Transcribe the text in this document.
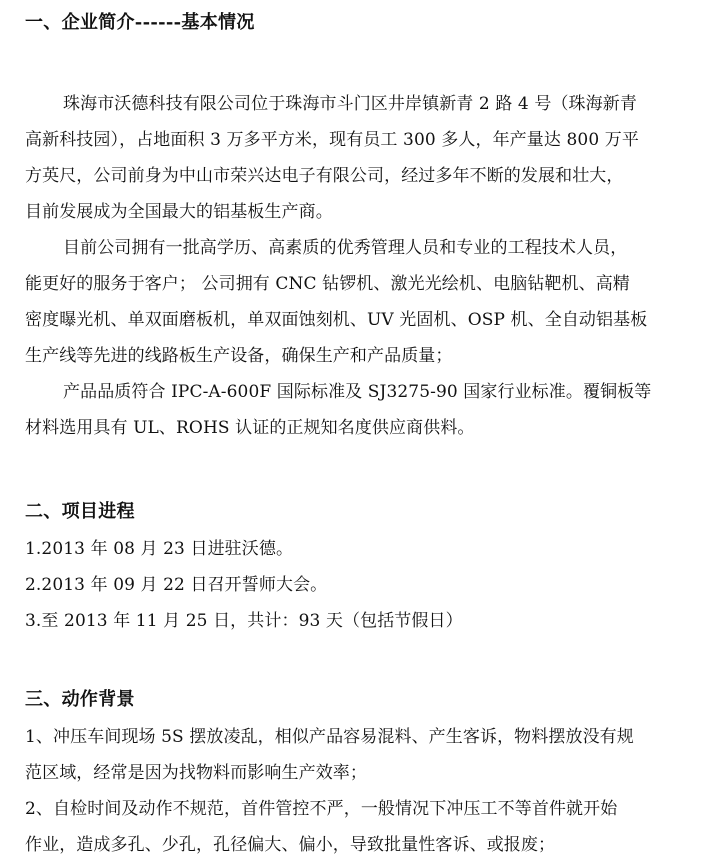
一、企业简介------基本情况
珠海市沃德科技有限公司位于珠海市斗门区井岸镇新青 2 路 4 号（珠海新青
高新科技园），占地面积 3 万多平方米，现有员工 300 多人，年产量达 800 万平
方英尺，公司前身为中山市荣兴达电子有限公司，经过多年不断的发展和壮大，
目前发展成为全国最大的铝基板生产商。
目前公司拥有一批高学历、高素质的优秀管理人员和专业的工程技术人员，
能更好的服务于客户； 公司拥有 CNC 钻锣机、激光光绘机、电脑钻靶机、高精
密度曝光机、单双面磨板机，单双面蚀刻机、UV 光固机、OSP 机、全自动铝基板
生产线等先进的线路板生产设备，确保生产和产品质量；
产品品质符合 IPC-A-600F 国际标准及 SJ3275-90 国家行业标准。覆铜板等
材料选用具有 UL、ROHS 认证的正规知名度供应商供料。
二、项目进程
1.2013 年 08 月 23 日进驻沃德。
2.2013 年 09 月 22 日召开誓师大会。
3.至 2013 年 11 月 25 日，共计：93 天（包括节假日）
三、动作背景
1、冲压车间现场 5S 摆放凌乱，相似产品容易混料、产生客诉，物料摆放没有规
范区域，经常是因为找物料而影响生产效率；
2、自检时间及动作不规范，首件管控不严，一般情况下冲压工不等首件就开始
作业，造成多孔、少孔，孔径偏大、偏小，导致批量性客诉、或报废；
